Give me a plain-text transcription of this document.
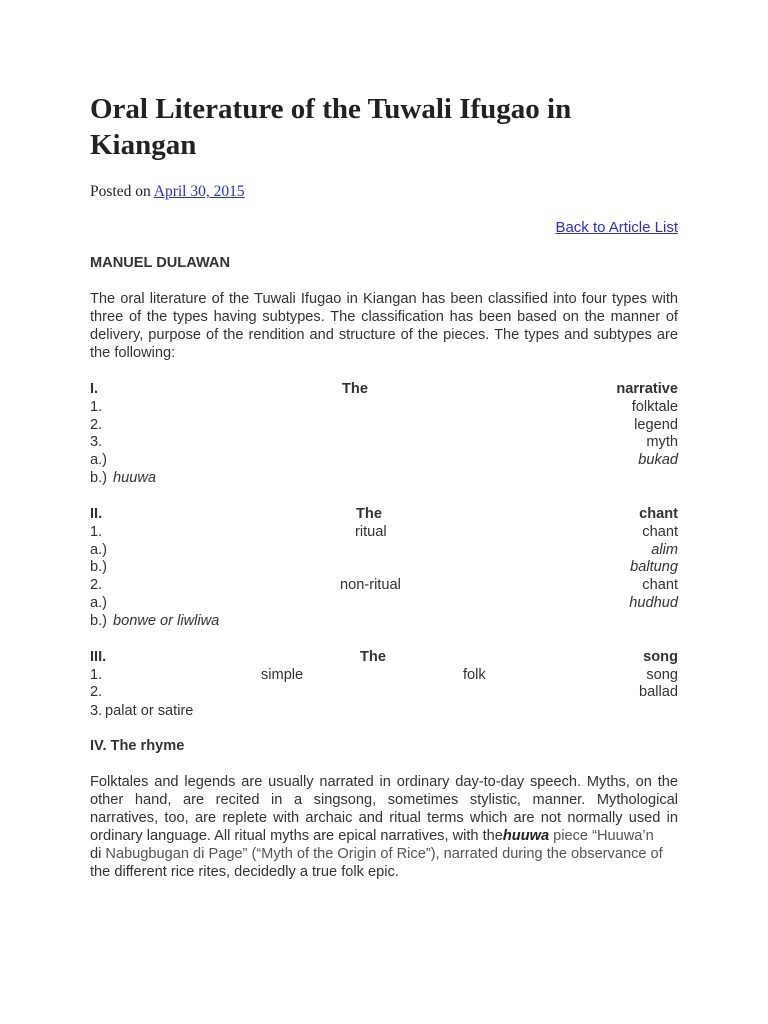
Oral Literature of the Tuwali Ifugao in Kiangan

Posted on April 30, 2015

Back to Article List
MANUEL DULAWAN

The oral literature of the Tuwali Ifugao in Kiangan has been classified into four types with three of the types having subtypes. The classification has been based on the manner of delivery, purpose of the rendition and structure of the pieces. The types and subtypes are the following:

I.	The	narrative
1.	folktale
2.	legend
3.	myth
a.)	bukad
b.) huuwa
II.	The	chant
1.	ritual	chant
a.)	alim
b.)	baltung
2.	non-ritual	chant
a.)	hudhud
b.) bonwe or liwliwa
III.	The	song
1.	simple	folk	song
2.	ballad
3. palat or satire
IV. The rhyme
Folktales and legends are usually narrated in ordinary day-to-day speech. Myths, on the
other hand, are recited in a singsong, sometimes stylistic, manner. Mythological
narratives, too, are replete with archaic and ritual terms which are not normally used in
ordinary language. All ritual myths are epical narratives, with thehuuwa piece “Huuwa’n
di Nabugbugan di Page” (“Myth of the Origin of Rice”), narrated during the observance of
the different rice rites, decidedly a true folk epic.
